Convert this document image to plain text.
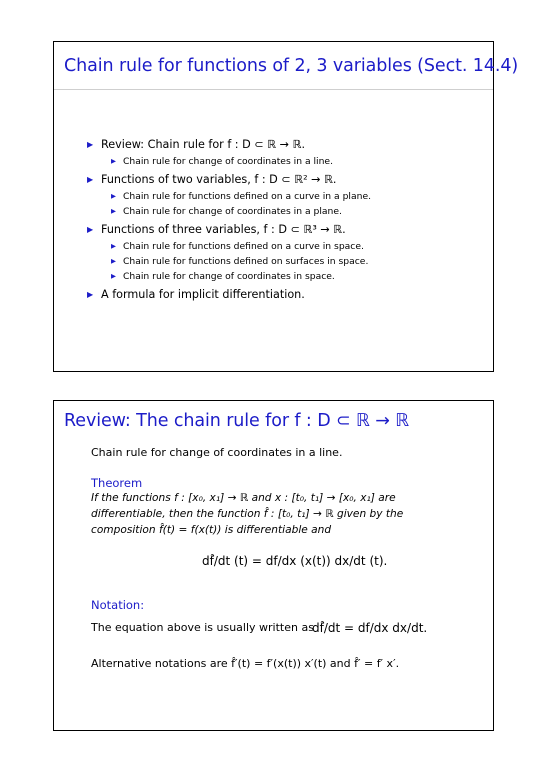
Chain rule for functions of 2, 3 variables (Sect. 14.4)
▶ Review: Chain rule for f : D ⊂ ℝ → ℝ.
▶ Chain rule for change of coordinates in a line.
▶ Functions of two variables, f : D ⊂ ℝ² → ℝ.
▶ Chain rule for functions defined on a curve in a plane.
▶ Chain rule for change of coordinates in a plane.
▶ Functions of three variables, f : D ⊂ ℝ³ → ℝ.
▶ Chain rule for functions defined on a curve in space.
▶ Chain rule for functions defined on surfaces in space.
▶ Chain rule for change of coordinates in space.
▶ A formula for implicit differentiation.
Review: The chain rule for f : D ⊂ ℝ → ℝ
Chain rule for change of coordinates in a line.
Theorem
If the functions f : [x₀, x₁] → ℝ and x : [t₀, t₁] → [x₀, x₁] are
differentiable, then the function f̂ : [t₀, t₁] → ℝ given by the
composition f̂(t) = f(x(t)) is differentiable and
df̂/dt (t) = df/dx (x(t)) dx/dt (t).
Notation:
The equation above is usually written as
df̂/dt = df/dx dx/dt.
Alternative notations are f̂′(t) = f′(x(t)) x′(t) and f̂′ = f′ x′.
